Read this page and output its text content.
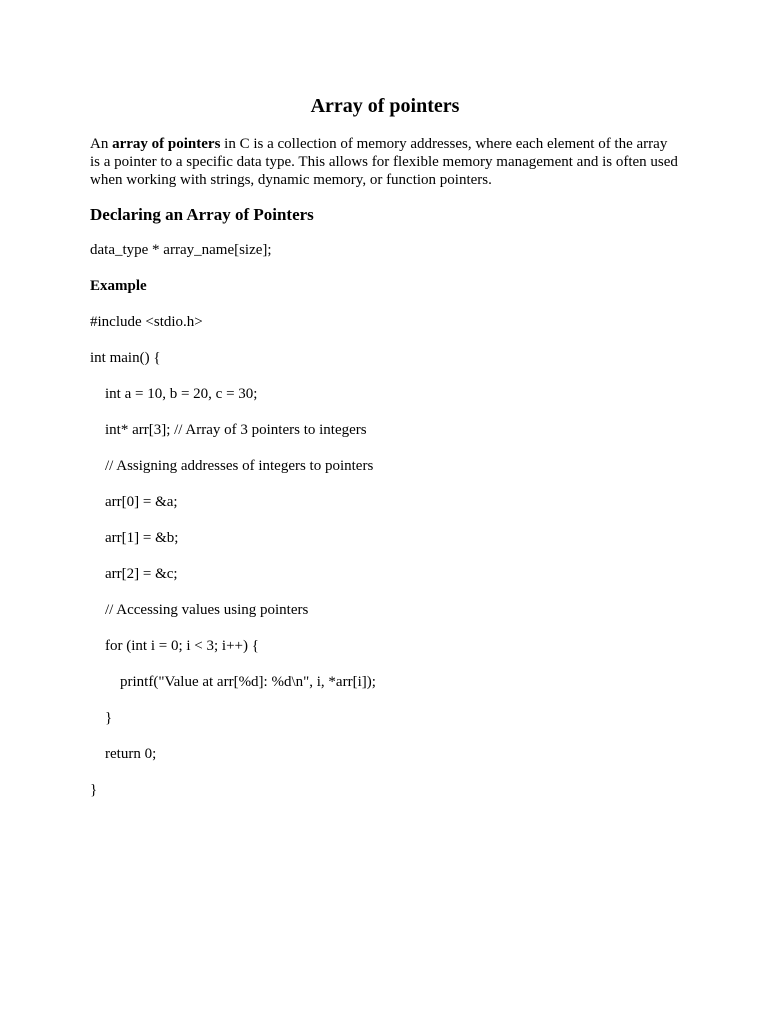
Array of pointers

An array of pointers in C is a collection of memory addresses, where each element of the array is a pointer to a specific data type. This allows for flexible memory management and is often used when working with strings, dynamic memory, or function pointers.

Declaring an Array of Pointers
data_type * array_name[size];
Example
#include <stdio.h>
int main() {
int a = 10, b = 20, c = 30;
int* arr[3]; // Array of 3 pointers to integers
// Assigning addresses of integers to pointers
arr[0] = &a;
arr[1] = &b;
arr[2] = &c;
// Accessing values using pointers
for (int i = 0; i < 3; i++) {
printf("Value at arr[%d]: %d\n", i, *arr[i]);
}
return 0;
}
